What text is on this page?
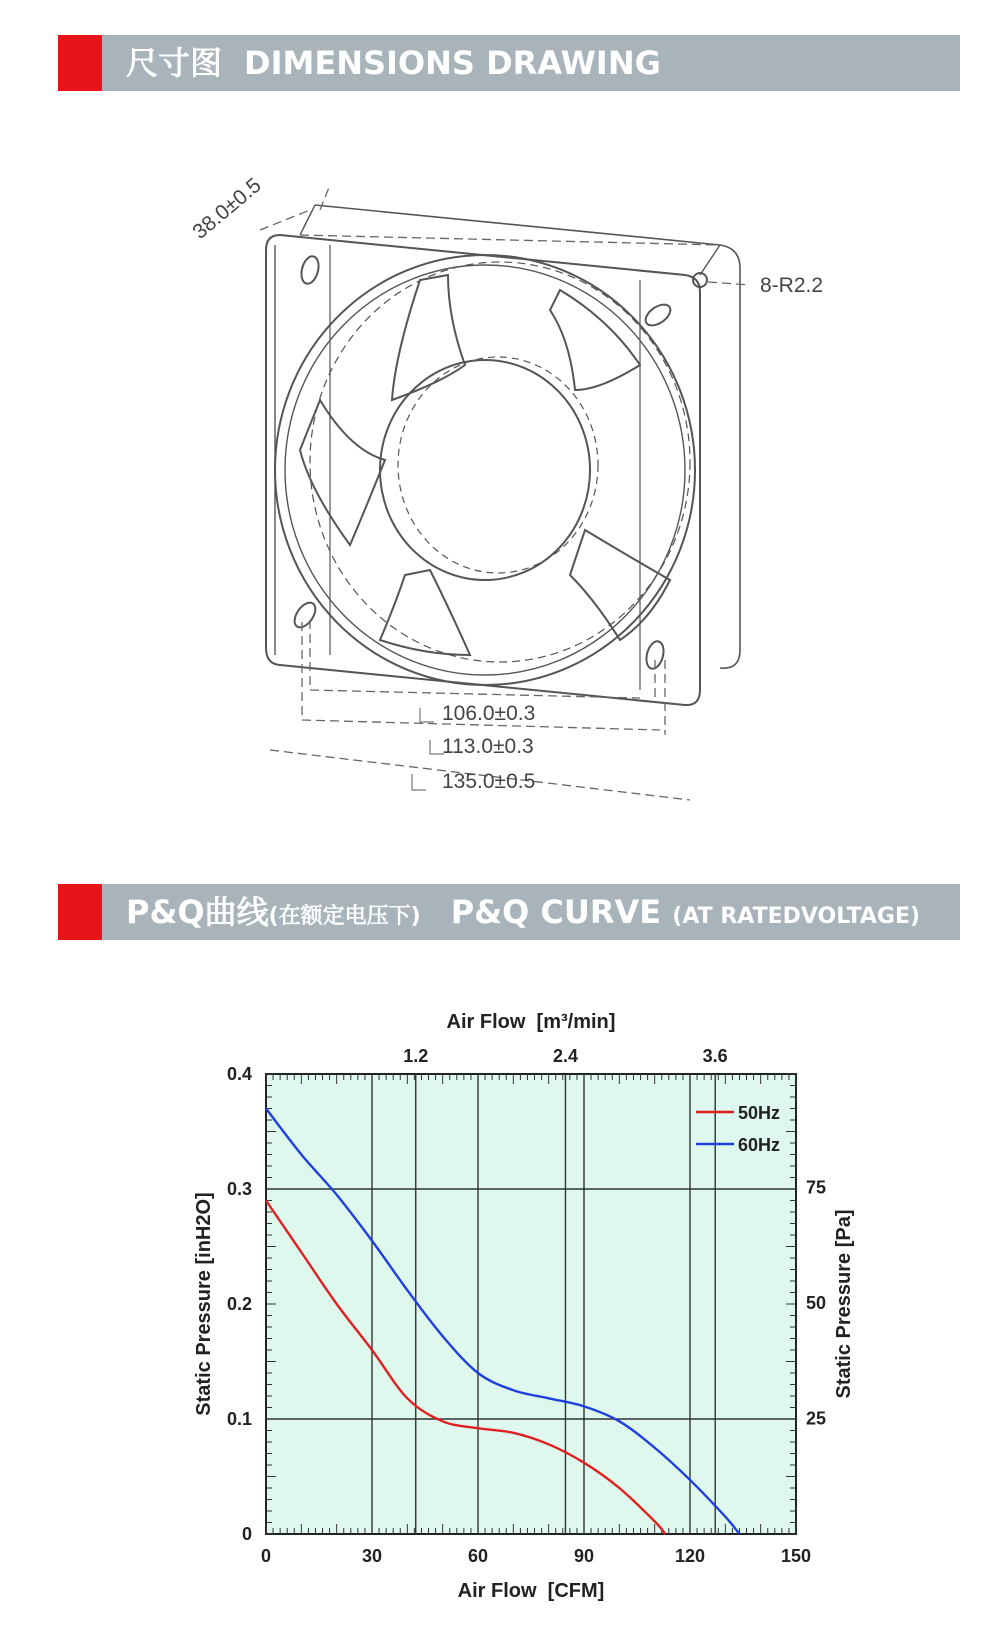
尺寸图 DIMENSIONS DRAWING
38.0±0.5
8-R2.2
106.0±0.3
113.0±0.3
135.0±0.5
P&Q曲线(在额定电压下) P&Q CURVE (AT RATEDVOLTAGE)
0	30	60	90	120	150
0
0.1
0.2
0.3
0.4
1.2	2.4	3.6
25
50
75
Air Flow  [CFM]
Air Flow  [m³/min]
Static Pressure [inH2O]	Static Pressure [Pa]
50Hz
60Hz
